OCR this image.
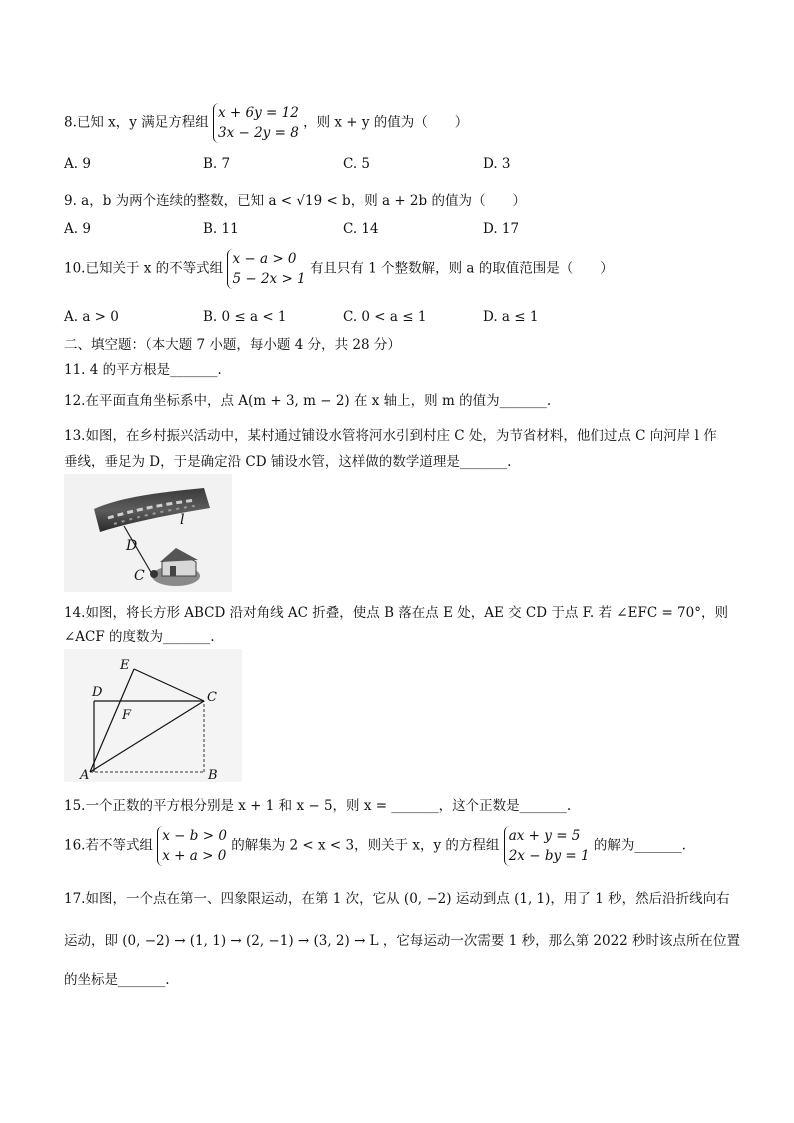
8.已知 x，y 满足方程组
x + 6y = 12
3x − 2y = 8
，则 x + y 的值为（　　）
A. 9	B. 7	C. 5	D. 3
9. a，b 为两个连续的整数，已知 a < √19 < b，则 a + 2b 的值为（　　）
A. 9	B. 11	C. 14	D. 17
10.已知关于 x 的不等式组
x − a > 0
5 − 2x > 1
有且只有 1 个整数解，则 a 的取值范围是（　　）
A. a > 0	B. 0 ≤ a < 1	C. 0 < a ≤ 1	D. a ≤ 1
二、填空题：（本大题 7 小题，每小题 4 分，共 28 分）
11. 4 的平方根是_______.
12.在平面直角坐标系中，点 A(m + 3, m − 2) 在 x 轴上，则 m 的值为_______.
13.如图，在乡村振兴活动中，某村通过铺设水管将河水引到村庄 C 处，为节省材料，他们过点 C 向河岸 l 作
垂线，垂足为 D，于是确定沿 CD 铺设水管，这样做的数学道理是_______.
l
D
C
14.如图，将长方形 ABCD 沿对角线 AC 折叠，使点 B 落在点 E 处，AE 交 CD 于点 F. 若 ∠EFC = 70°，则
∠ACF 的度数为_______.
E
D	C
F
A	B
15.一个正数的平方根分别是 x + 1 和 x − 5，则 x = _______，这个正数是_______.
16.若不等式组
x − b > 0
x + a > 0
的解集为 2 < x < 3，则关于 x，y 的方程组
ax + y = 5
2x − by = 1
的解为_______.
17.如图，一个点在第一、四象限运动，在第 1 次，它从 (0, −2) 运动到点 (1, 1)，用了 1 秒，然后沿折线向右
运动，即 (0, −2) → (1, 1) → (2, −1) → (3, 2) → L ，它每运动一次需要 1 秒，那么第 2022 秒时该点所在位置
的坐标是_______.
